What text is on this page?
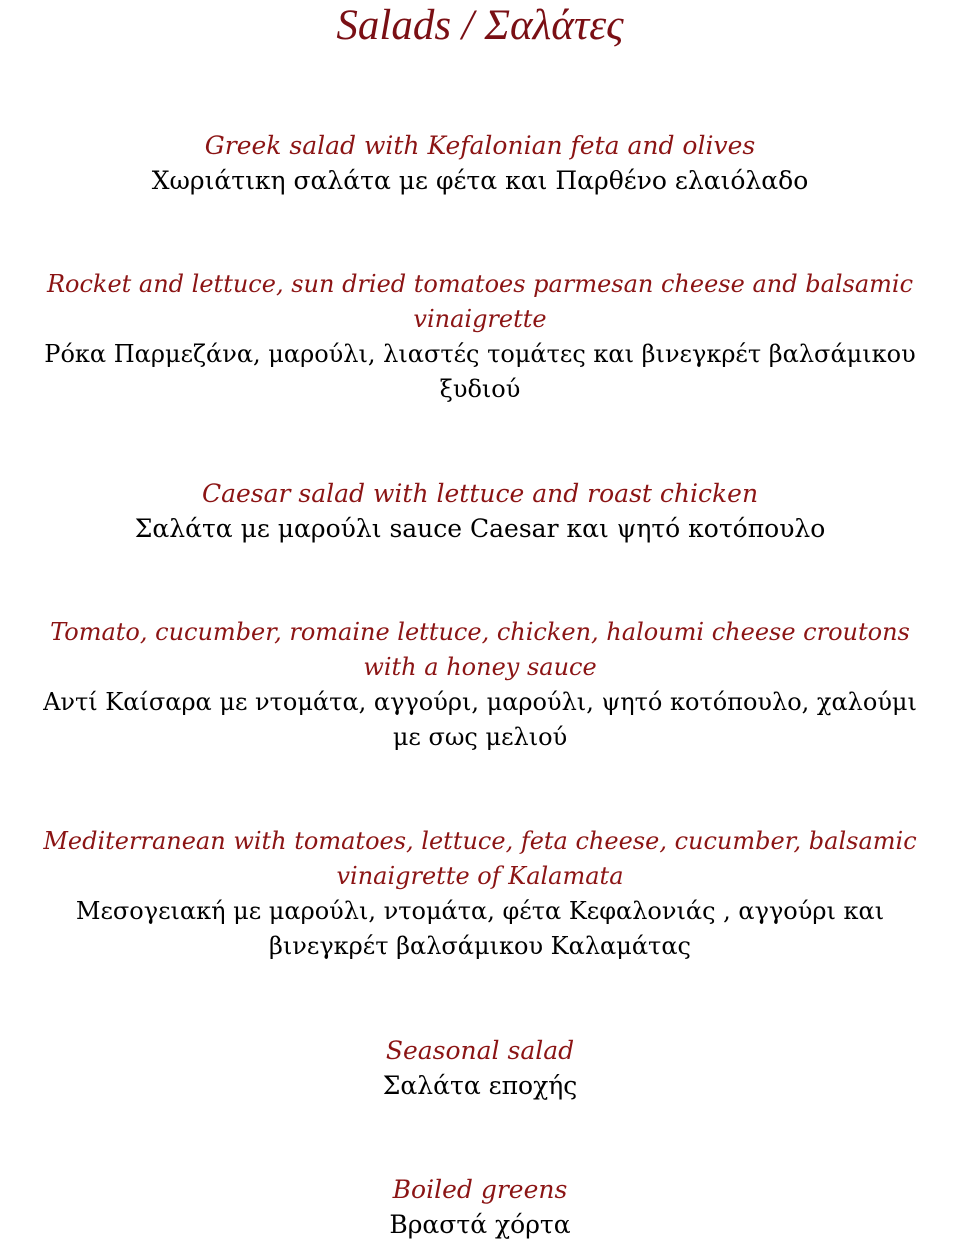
Salads / Σαλάτες
Greek salad with Kefalonian feta and olives
Χωριάτικη σαλάτα με φέτα και Παρθένο ελαιόλαδο
Rocket and lettuce, sun dried tomatoes parmesan cheese and balsamic
vinaigrette
Ρόκα Παρμεζάνα, μαρούλι, λιαστές τομάτες και βινεγκρέτ βαλσάμικου
ξυδιού
Caesar salad with lettuce and roast chicken
Σαλάτα με μαρούλι sauce Caesar και ψητό κοτόπουλο
Tomato, cucumber, romaine lettuce, chicken, haloumi cheese croutons
with a honey sauce
Αντί Καίσαρα με ντομάτα, αγγούρι, μαρούλι, ψητό κοτόπουλο, χαλούμι
με σως μελιού
Mediterranean with tomatoes, lettuce, feta cheese, cucumber, balsamic
vinaigrette of Kalamata
Μεσογειακή με μαρούλι, ντομάτα, φέτα Κεφαλονιάς , αγγούρι και
βινεγκρέτ βαλσάμικου Καλαμάτας
Seasonal salad
Σαλάτα εποχής
Boiled greens
Βραστά χόρτα
